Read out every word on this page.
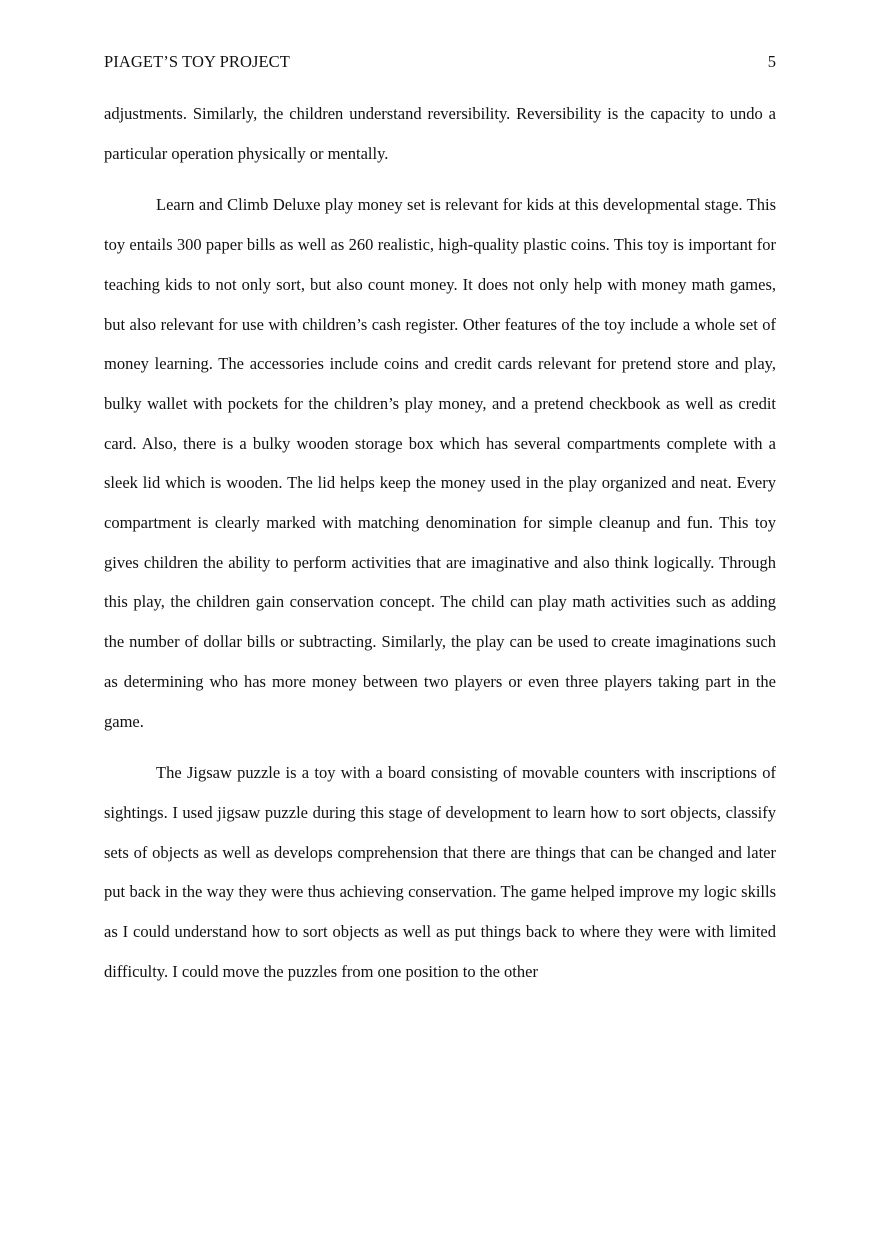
PIAGET’S TOY PROJECT	5

adjustments. Similarly, the children understand reversibility. Reversibility is the capacity to undo a particular operation physically or mentally.

Learn and Climb Deluxe play money set is relevant for kids at this developmental stage. This toy entails 300 paper bills as well as 260 realistic, high-quality plastic coins. This toy is important for teaching kids to not only sort, but also count money. It does not only help with money math games, but also relevant for use with children’s cash register. Other features of the toy include a whole set of money learning. The accessories include coins and credit cards relevant for pretend store and play, bulky wallet with pockets for the children’s play money, and a pretend checkbook as well as credit card. Also, there is a bulky wooden storage box which has several compartments complete with a sleek lid which is wooden. The lid helps keep the money used in the play organized and neat. Every compartment is clearly marked with matching denomination for simple cleanup and fun. This toy gives children the ability to perform activities that are imaginative and also think logically. Through this play, the children gain conservation concept. The child can play math activities such as adding the number of dollar bills or subtracting. Similarly, the play can be used to create imaginations such as determining who has more money between two players or even three players taking part in the game.

The Jigsaw puzzle is a toy with a board consisting of movable counters with inscriptions of sightings. I used jigsaw puzzle during this stage of development to learn how to sort objects, classify sets of objects as well as develops comprehension that there are things that can be changed and later put back in the way they were thus achieving conservation. The game helped improve my logic skills as I could understand how to sort objects as well as put things back to where they were with limited difficulty. I could move the puzzles from one position to the other
